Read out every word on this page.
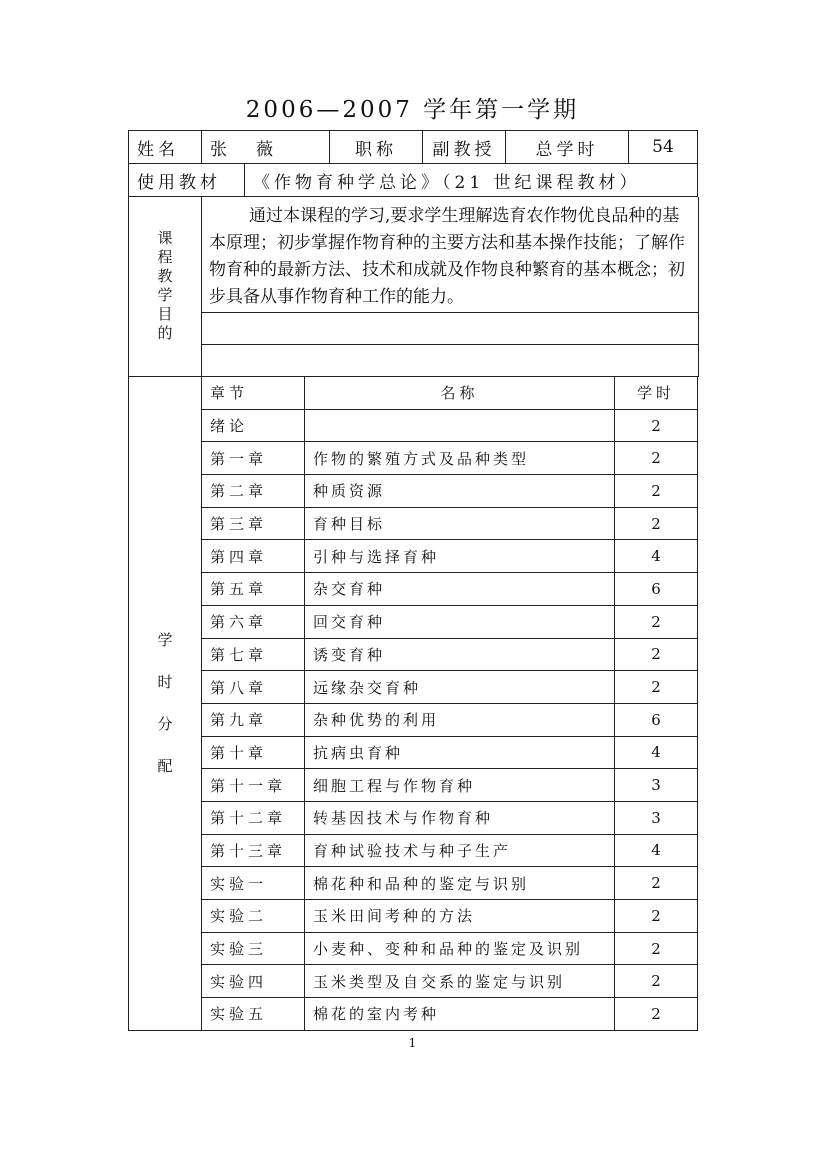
2006—2007 学年第一学期
姓名	张　薇		职称	副教授	总学时	54
使用教材		《作物育种学总论》（21 世纪课程教材）				
课程教学目的
通过本课程的学习,要求学生理解选育农作物优良品种的基本原理；初步掌握作物育种的主要方法和基本操作技能；了解作物育种的最新方法、技术和成就及作物良种繁育的基本概念；初步具备从事作物育种工作的能力。
学
时
分
配	章节	名称	学时
	绪论		2
	第一章	作物的繁殖方式及品种类型	2
	第二章	种质资源	2
	第三章	育种目标	2
	第四章	引种与选择育种	4
	第五章	杂交育种	6
	第六章	回交育种	2
	第七章	诱变育种	2
	第八章	远缘杂交育种	2
	第九章	杂种优势的利用	6
	第十章	抗病虫育种	4
	第十一章	细胞工程与作物育种	3
	第十二章	转基因技术与作物育种	3
	第十三章	育种试验技术与种子生产	4
	实验一	棉花种和品种的鉴定与识别	2
	实验二	玉米田间考种的方法	2
	实验三	小麦种、变种和品种的鉴定及识别	2
	实验四	玉米类型及自交系的鉴定与识别	2
	实验五	棉花的室内考种	2
1
